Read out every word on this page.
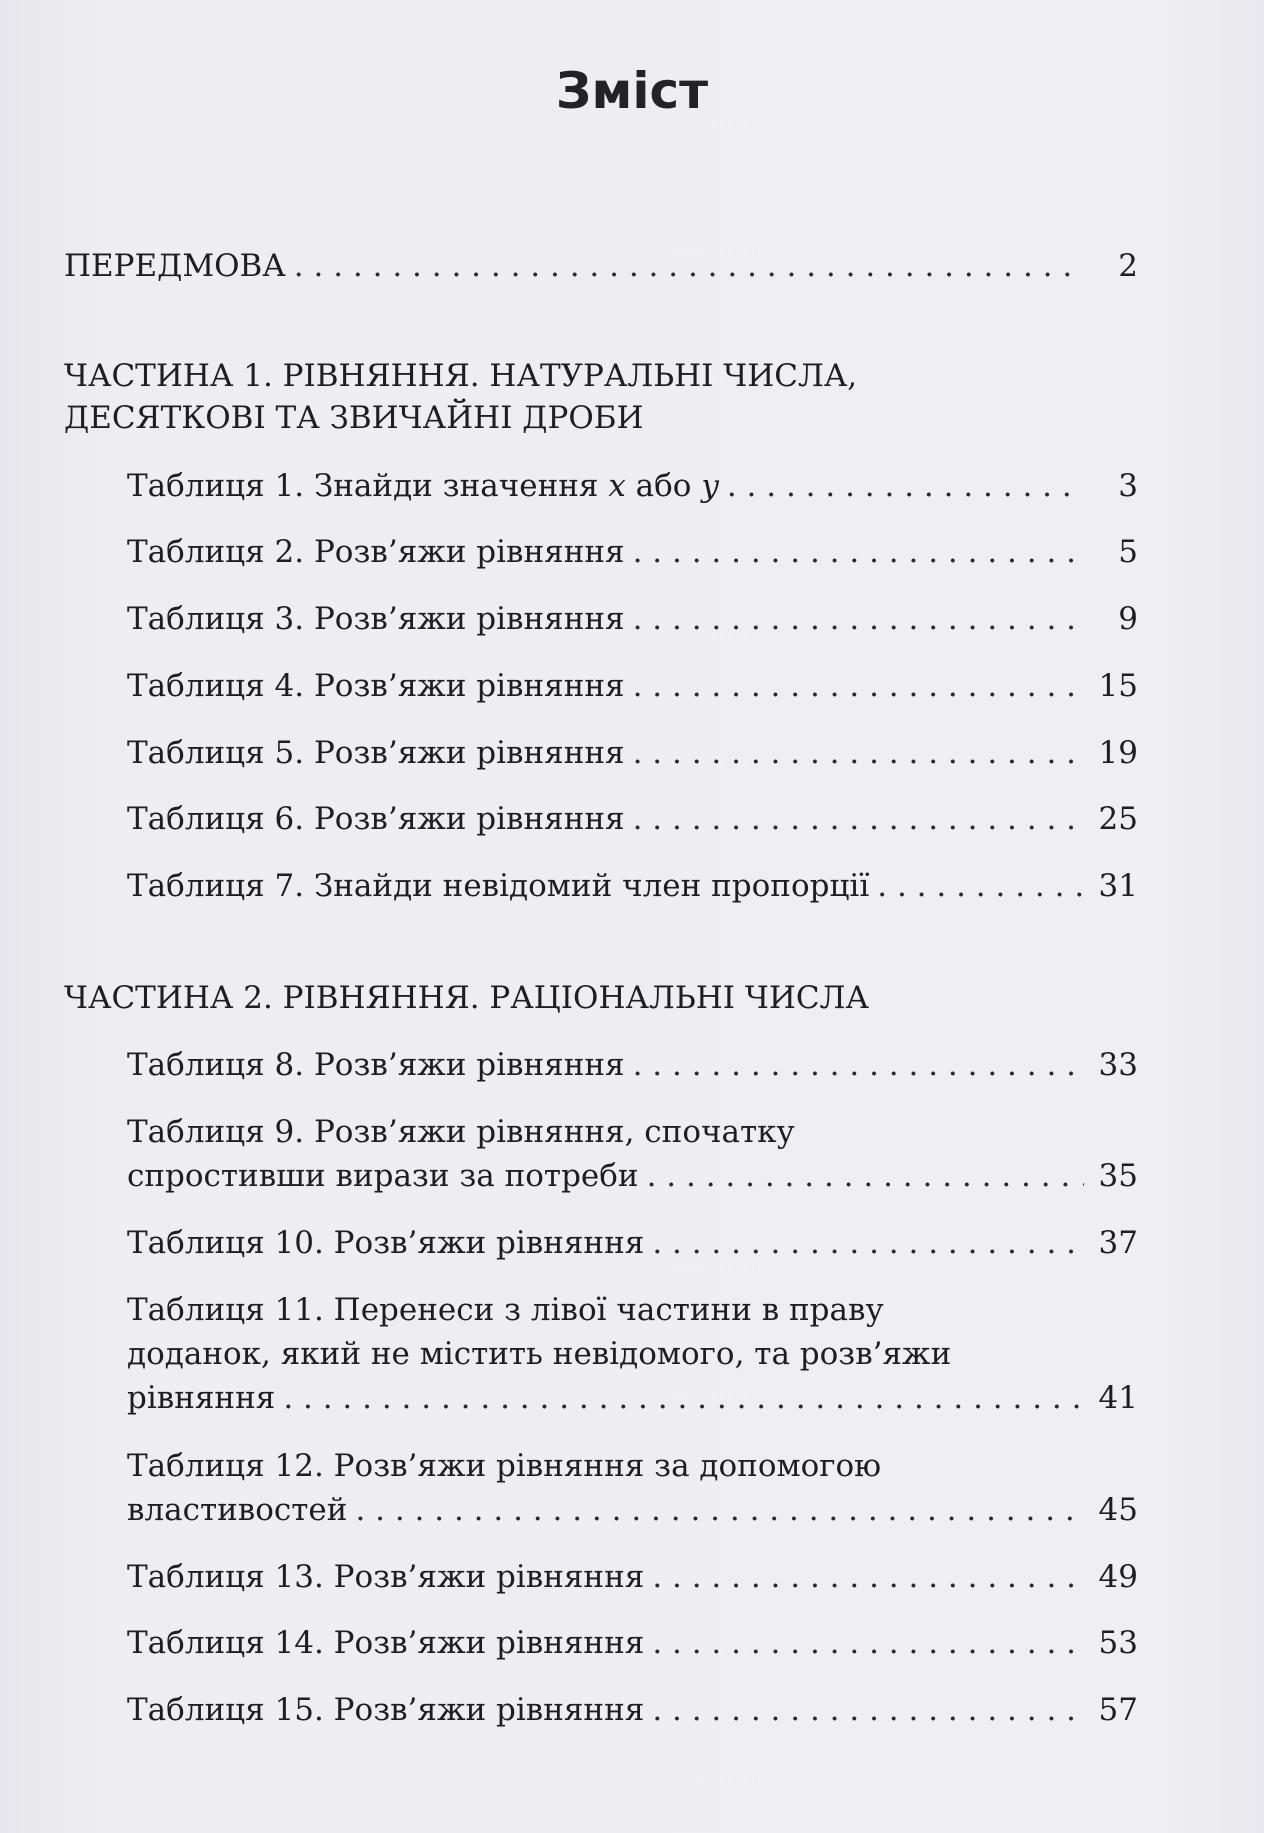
Зміст
ПЕРЕДМОВА . . .	2
ЧАСТИНА 1. РІВНЯННЯ. НАТУРАЛЬНІ ЧИСЛА,
ДЕСЯТКОВІ ТА ЗВИЧАЙНІ ДРОБИ
Таблиця 1. Знайди значення x або y . . .	3
Таблиця 2. Розв’яжи рівняння . . .	5
Таблиця 3. Розв’яжи рівняння . . .	9
Таблиця 4. Розв’яжи рівняння . . .	15
Таблиця 5. Розв’яжи рівняння . . .	19
Таблиця 6. Розв’яжи рівняння . . .	25
Таблиця 7. Знайди невідомий член пропорції . . .	31
ЧАСТИНА 2. РІВНЯННЯ. РАЦІОНАЛЬНІ ЧИСЛА
Таблиця 8. Розв’яжи рівняння . . .	33
Таблиця 9. Розв’яжи рівняння, спочатку
спростивши вирази за потреби . . .	35
Таблиця 10. Розв’яжи рівняння . . .	37
Таблиця 11. Перенеси з лівої частини в праву
доданок, який не містить невідомого, та розв’яжи
рівняння . . .	41
Таблиця 12. Розв’яжи рівняння за допомогою
властивостей . . .	45
Таблиця 13. Розв’яжи рівняння . . .	49
Таблиця 14. Розв’яжи рівняння . . .	53
Таблиця 15. Розв’яжи рівняння . . .	57
